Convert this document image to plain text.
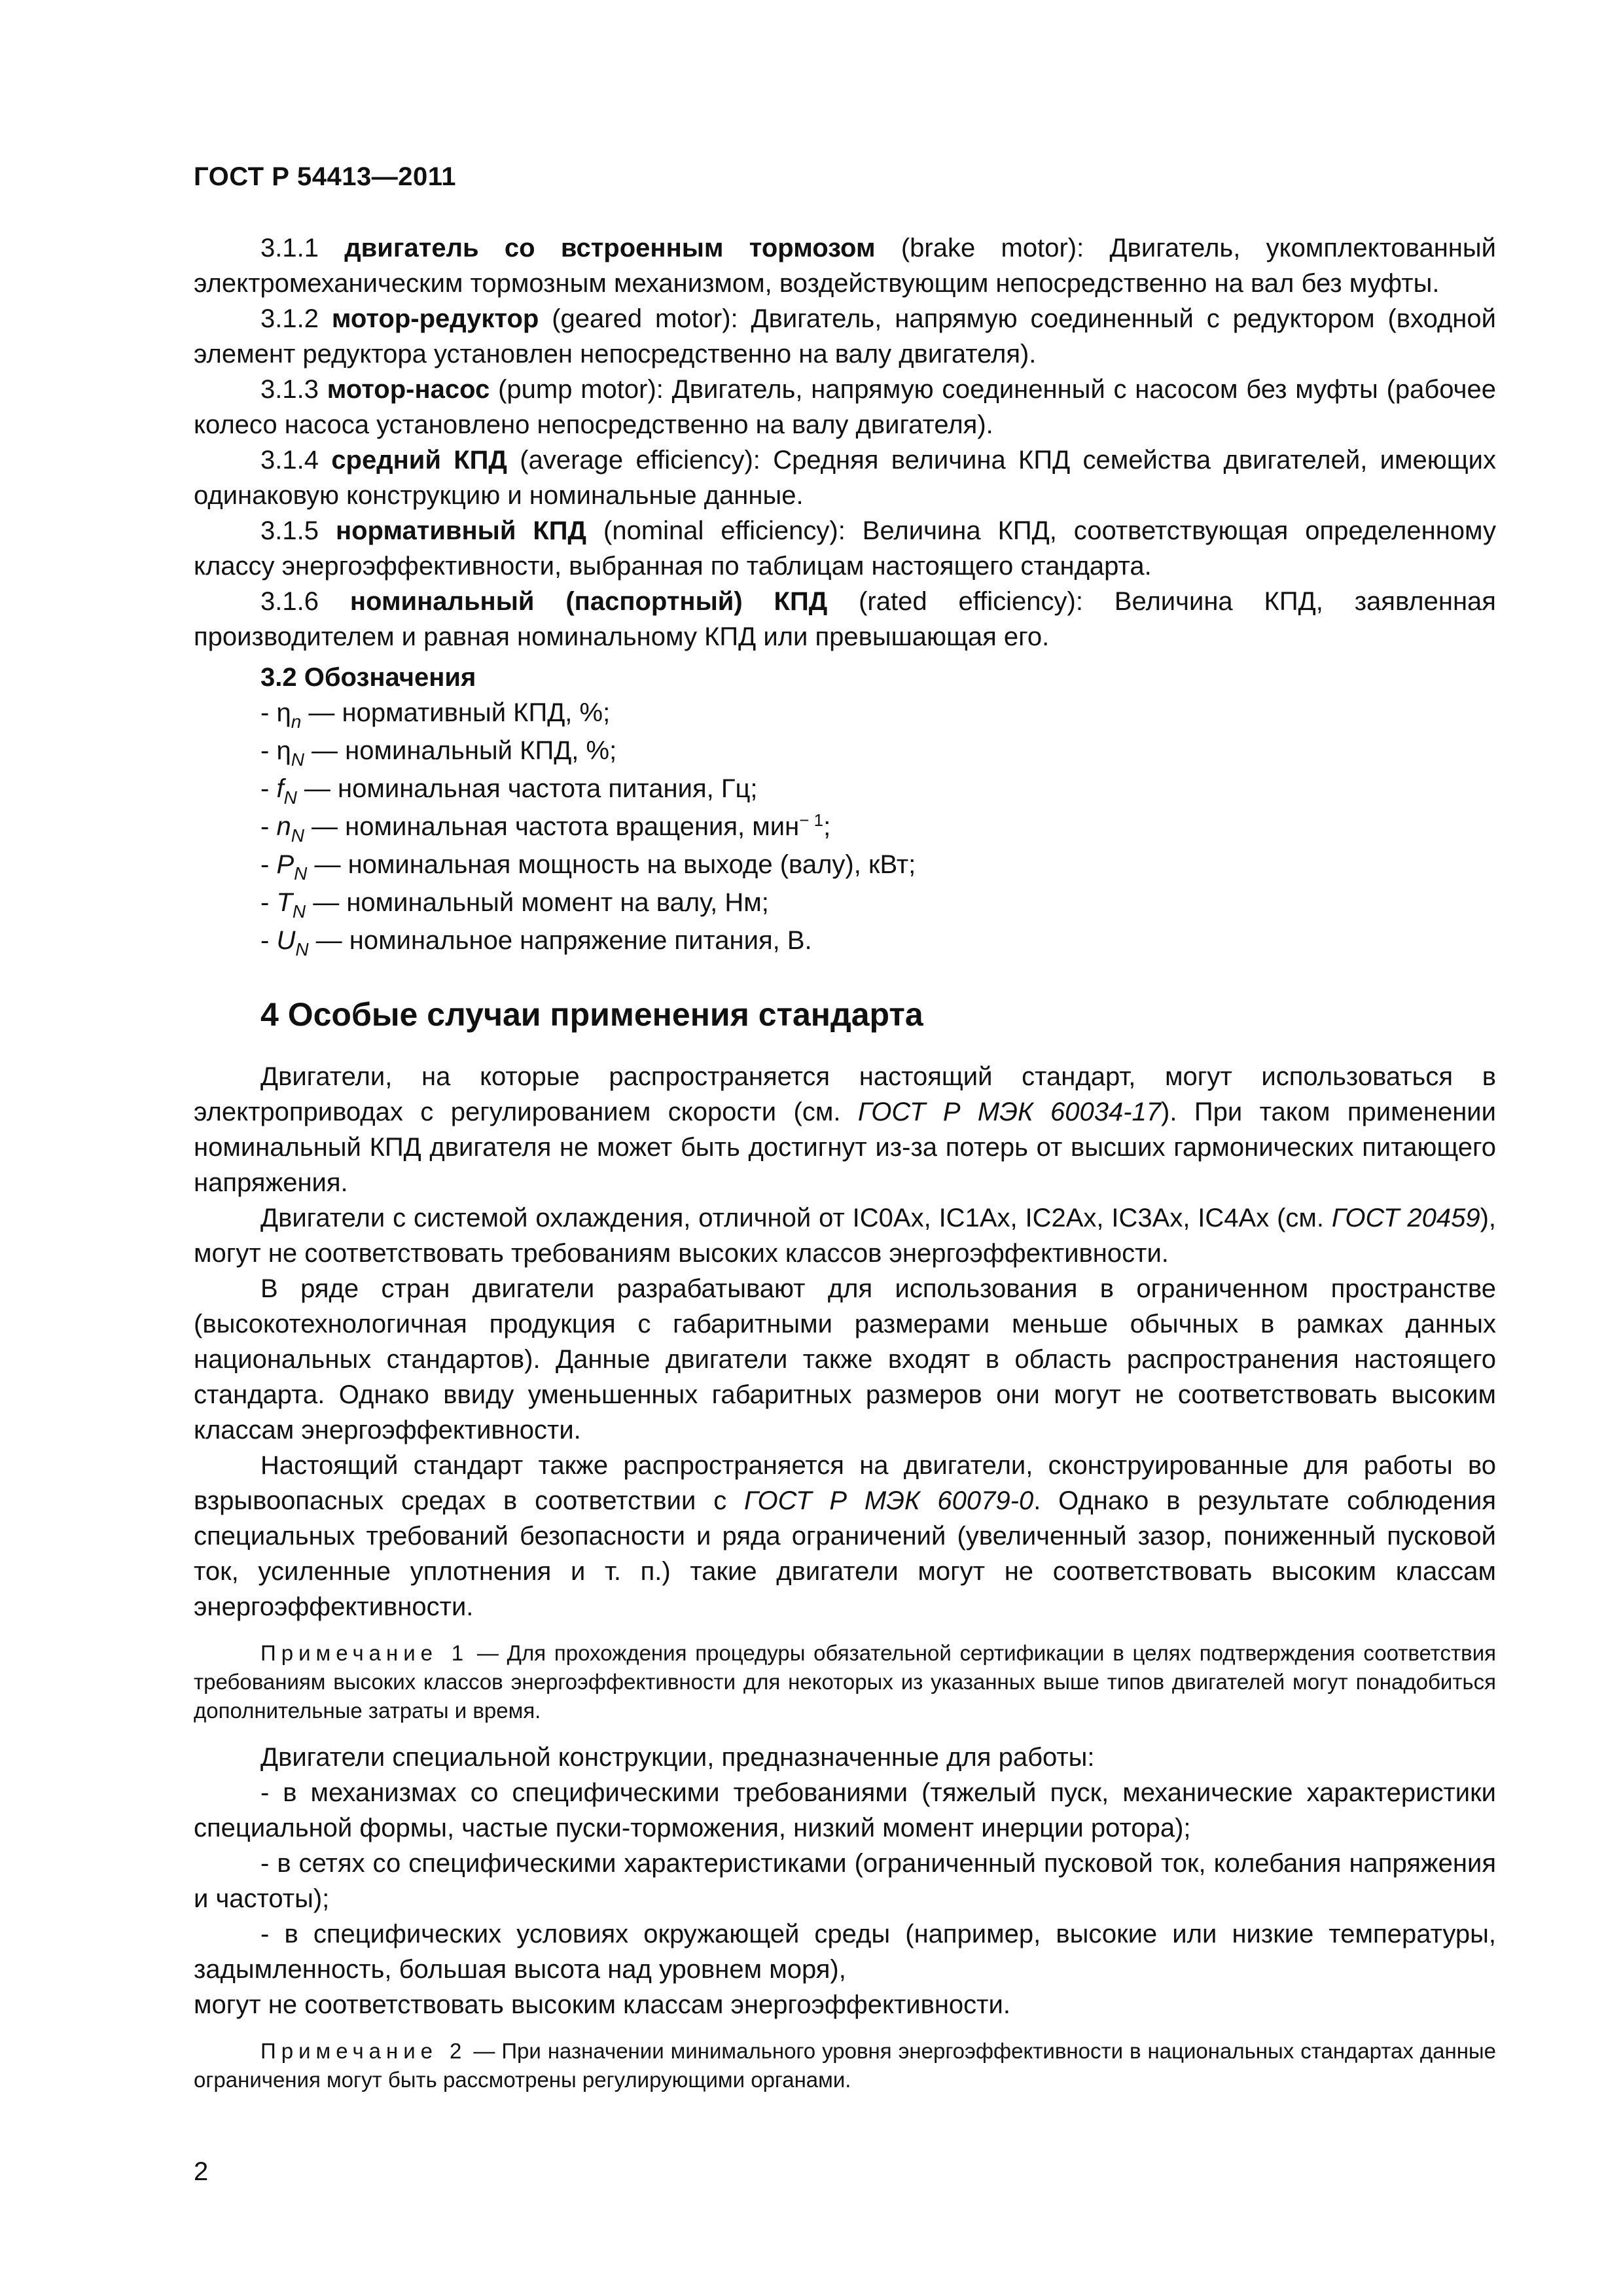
ГОСТ Р 54413—2011

3.1.1 двигатель со встроенным тормозом (brake motor): Двигатель, укомплектованный электромеханическим тормозным механизмом, воздействующим непосредственно на вал без муфты.

3.1.2 мотор-редуктор (geared motor): Двигатель, напрямую соединенный с редуктором (входной элемент редуктора установлен непосредственно на валу двигателя).

3.1.3 мотор-насос (pump motor): Двигатель, напрямую соединенный с насосом без муфты (рабочее колесо насоса установлено непосредственно на валу двигателя).

3.1.4 средний КПД (average efficiency): Средняя величина КПД семейства двигателей, имеющих одинаковую конструкцию и номинальные данные.

3.1.5 нормативный КПД (nominal efficiency): Величина КПД, соответствующая определенному классу энергоэффективности, выбранная по таблицам настоящего стандарта.

3.1.6 номинальный (паспортный) КПД (rated efficiency): Величина КПД, заявленная производителем и равная номинальному КПД или превышающая его.

3.2 Обозначения
- $\eta_n$ — нормативный КПД, %;
- $\eta_N$ — номинальный КПД, %;
- $f_N$ — номинальная частота питания, Гц;
- $n_N$ — номинальная частота вращения, мин$^{- 1}$;
- $P_N$ — номинальная мощность на выходе (валу), кВт;
- $T_N$ — номинальный момент на валу, Нм;
- $U_N$ — номинальное напряжение питания, В.
4 Особые случаи применения стандарта

Двигатели, на которые распространяется настоящий стандарт, могут использоваться в электроприводах с регулированием скорости (см. ГОСТ Р МЭК 60034-17). При таком применении номинальный КПД двигателя не может быть достигнут из-за потерь от высших гармонических питающего напряжения.

Двигатели с системой охлаждения, отличной от IC0Ax, IC1Ax, IC2Ax, IC3Ax, IC4Ax (см. ГОСТ 20459), могут не соответствовать требованиям высоких классов энергоэффективности.

В ряде стран двигатели разрабатывают для использования в ограниченном пространстве (высокотехнологичная продукция с габаритными размерами меньше обычных в рамках данных национальных стандартов). Данные двигатели также входят в область распространения настоящего стандарта. Однако ввиду уменьшенных габаритных размеров они могут не соответствовать высоким классам энергоэффективности.

Настоящий стандарт также распространяется на двигатели, сконструированные для работы во взрывоопасных средах в соответствии с ГОСТ Р МЭК 60079-0. Однако в результате соблюдения специальных требований безопасности и ряда ограничений (увеличенный зазор, пониженный пусковой ток, усиленные уплотнения и т. п.) такие двигатели могут не соответствовать высоким классам энергоэффективности.

Примечание 1 — Для прохождения процедуры обязательной сертификации в целях подтверждения соответствия требованиям высоких классов энергоэффективности для некоторых из указанных выше типов двигателей могут понадобиться дополнительные затраты и время.

Двигатели специальной конструкции, предназначенные для работы:

- в механизмах со специфическими требованиями (тяжелый пуск, механические характеристики специальной формы, частые пуски-торможения, низкий момент инерции ротора);

- в сетях со специфическими характеристиками (ограниченный пусковой ток, колебания напряжения и частоты);

- в специфических условиях окружающей среды (например, высокие или низкие температуры, задымленность, большая высота над уровнем моря),

могут не соответствовать высоким классам энергоэффективности.

Примечание 2 — При назначении минимального уровня энергоэффективности в национальных стандартах данные ограничения могут быть рассмотрены регулирующими органами.

2
